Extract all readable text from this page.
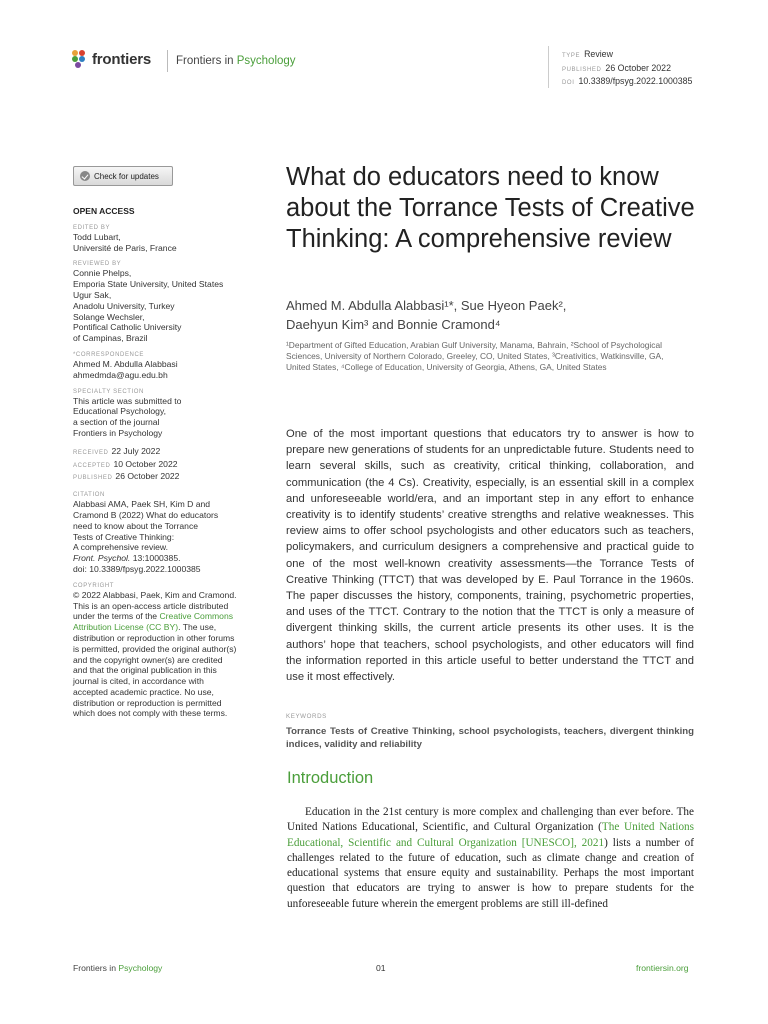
frontiers Frontiers in Psychology	TYPE Review
PUBLISHED 26 October 2022
DOI 10.3389/fpsyg.2022.1000385
Check for updates
OPEN ACCESS
EDITED BY
Todd Lubart,
Université de Paris, France
REVIEWED BY
Connie Phelps,
Emporia State University, United States
Ugur Sak,
Anadolu University, Turkey
Solange Wechsler,
Pontifical Catholic University
of Campinas, Brazil
*CORRESPONDENCE
Ahmed M. Abdulla Alabbasi
ahmedmda@agu.edu.bh
SPECIALTY SECTION
This article was submitted to
Educational Psychology,
a section of the journal
Frontiers in Psychology
RECEIVED 22 July 2022
ACCEPTED 10 October 2022
PUBLISHED 26 October 2022
CITATION
Alabbasi AMA, Paek SH, Kim D and
Cramond B (2022) What do educators
need to know about the Torrance
Tests of Creative Thinking:
A comprehensive review.
Front. Psychol. 13:1000385.
doi: 10.3389/fpsyg.2022.1000385
COPYRIGHT
© 2022 Alabbasi, Paek, Kim and Cramond. This is an open-access article distributed under the terms of the Creative Commons Attribution License (CC BY). The use, distribution or reproduction in other forums is permitted, provided the original author(s) and the copyright owner(s) are credited and that the original publication in this journal is cited, in accordance with accepted academic practice. No use, distribution or reproduction is permitted which does not comply with these terms.
What do educators need to know about the Torrance Tests of Creative Thinking: A comprehensive review
Ahmed M. Abdulla Alabbasi¹*, Sue Hyeon Paek²,
Daehyun Kim³ and Bonnie Cramond⁴
¹Department of Gifted Education, Arabian Gulf University, Manama, Bahrain, ²School of Psychological Sciences, University of Northern Colorado, Greeley, CO, United States, ³Creativitics, Watkinsville, GA, United States, ⁴College of Education, University of Georgia, Athens, GA, United States
One of the most important questions that educators try to answer is how to prepare new generations of students for an unpredictable future. Students need to learn several skills, such as creativity, critical thinking, collaboration, and communication (the 4 Cs). Creativity, especially, is an essential skill in a complex and unforeseeable world/era, and an important step in any effort to enhance creativity is to identify students’ creative strengths and relative weaknesses. This review aims to offer school psychologists and other educators such as teachers, policymakers, and curriculum designers a comprehensive and practical guide to one of the most well-known creativity assessments—the Torrance Tests of Creative Thinking (TTCT) that was developed by E. Paul Torrance in the 1960s. The paper discusses the history, components, training, psychometric properties, and uses of the TTCT. Contrary to the notion that the TTCT is only a measure of divergent thinking skills, the current article presents its other uses. It is the authors’ hope that teachers, school psychologists, and other educators will find the information reported in this article useful to better understand the TTCT and use it most effectively.
KEYWORDS
Torrance Tests of Creative Thinking, school psychologists, teachers, divergent thinking indices, validity and reliability
Introduction
Education in the 21st century is more complex and challenging than ever before. The United Nations Educational, Scientific, and Cultural Organization (The United Nations Educational, Scientific and Cultural Organization [UNESCO], 2021) lists a number of challenges related to the future of education, such as climate change and creation of educational systems that ensure equity and sustainability. Perhaps the most important question that educators are trying to answer is how to prepare students for the unforeseeable future wherein the emergent problems are still ill-defined
Frontiers in Psychology	01	frontiersin.org
